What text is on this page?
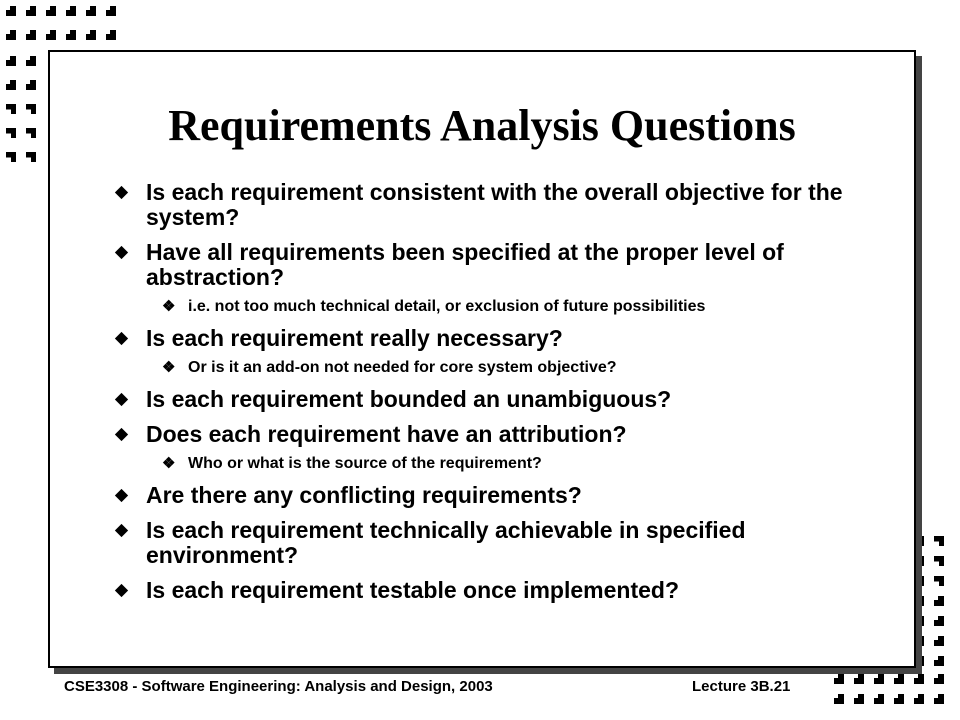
Requirements Analysis Questions
Is each requirement consistent with the overall objective for the system?
Have all requirements been specified at the proper level of abstraction?
❖ i.e. not too much technical detail, or exclusion of future possibilities
Is each requirement really necessary?
❖ Or is it an add-on not needed for core system objective?
Is each requirement bounded an unambiguous?
Does each requirement have an attribution?
❖ Who or what is the source of the requirement?
Are there any conflicting requirements?
Is each requirement technically achievable in specified environment?
Is each requirement testable once implemented?
CSE3308 - Software Engineering: Analysis and Design, 2003	Lecture 3B.21
